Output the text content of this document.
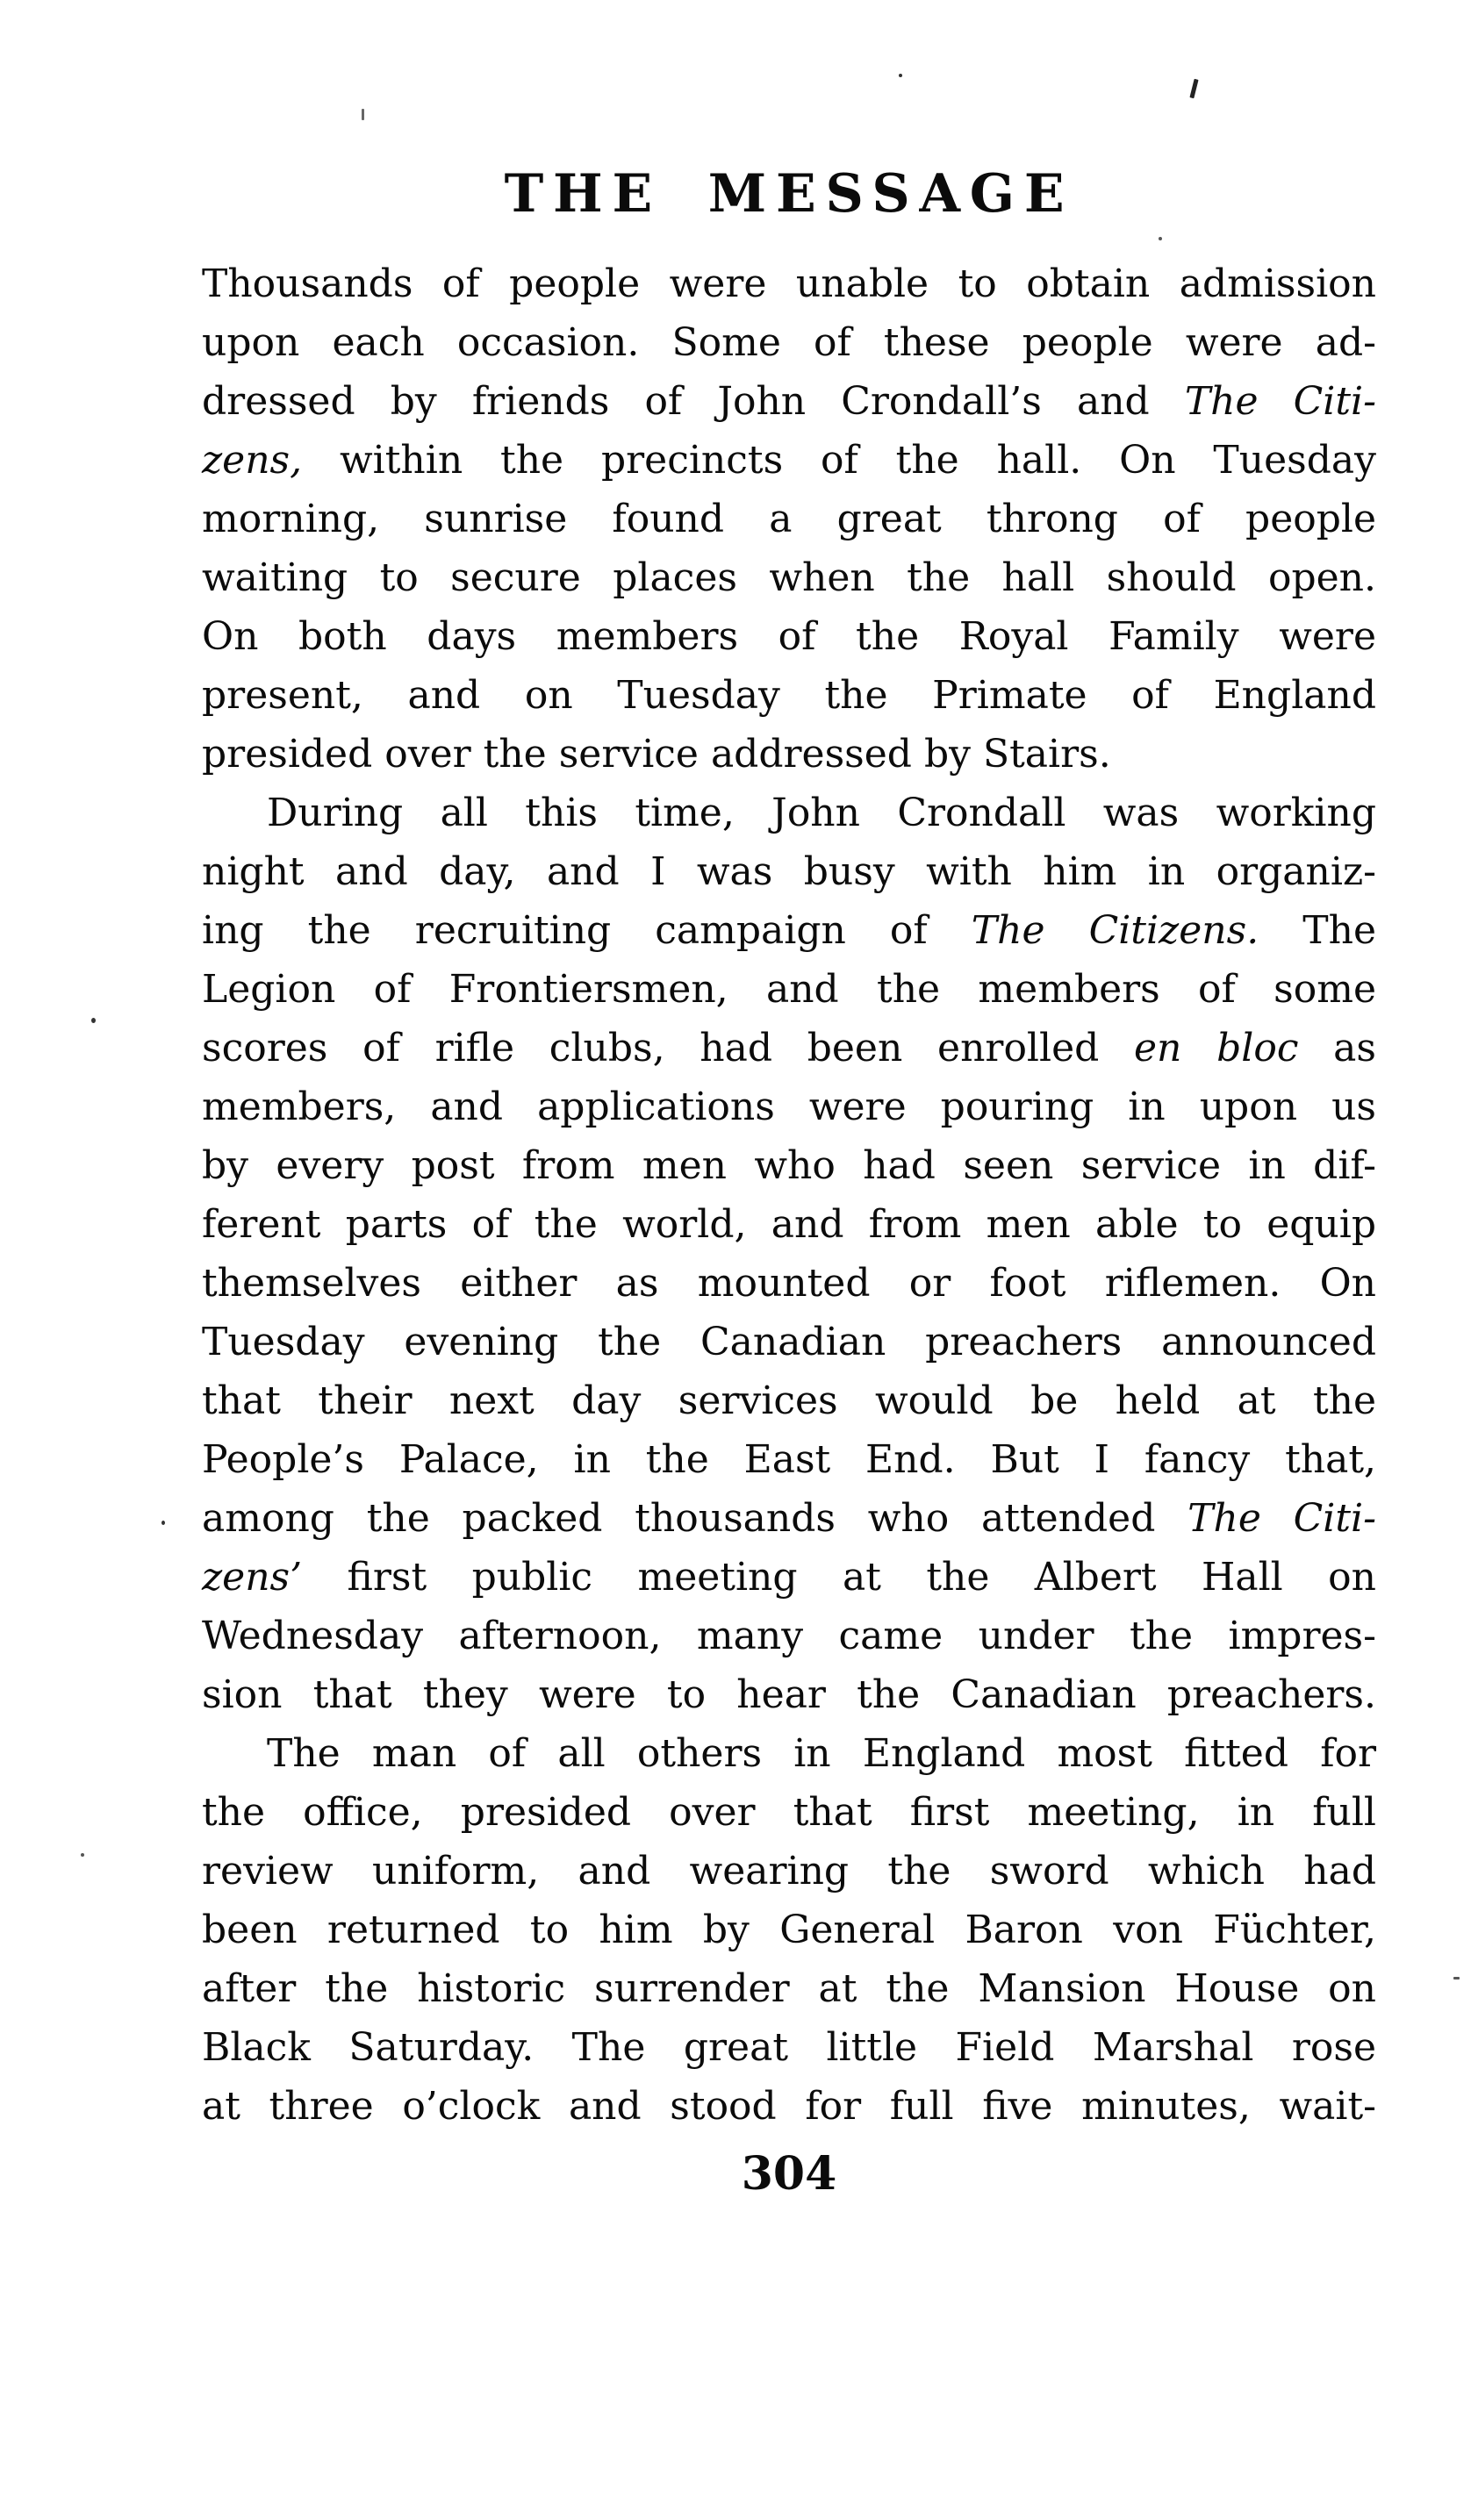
THE MESSAGE
Thousands of people were unable to obtain admission
upon each occasion. Some of these people were ad-
dressed by friends of John Crondall’s and The Citi-
zens, within the precincts of the hall. On Tuesday
morning, sunrise found a great throng of people
waiting to secure places when the hall should open.
On both days members of the Royal Family were
present, and on Tuesday the Primate of England
presided over the service addressed by Stairs.
During all this time, John Crondall was working
night and day, and I was busy with him in organiz-
ing the recruiting campaign of The Citizens. The
Legion of Frontiersmen, and the members of some
scores of rifle clubs, had been enrolled en bloc as
members, and applications were pouring in upon us
by every post from men who had seen service in dif-
ferent parts of the world, and from men able to equip
themselves either as mounted or foot riflemen. On
Tuesday evening the Canadian preachers announced
that their next day services would be held at the
People’s Palace, in the East End. But I fancy that,
among the packed thousands who attended The Citi-
zens’ first public meeting at the Albert Hall on
Wednesday afternoon, many came under the impres-
sion that they were to hear the Canadian preachers.
The man of all others in England most fitted for
the office, presided over that first meeting, in full
review uniform, and wearing the sword which had
been returned to him by General Baron von Füchter,
after the historic surrender at the Mansion House on
Black Saturday. The great little Field Marshal rose
at three o’clock and stood for full five minutes, wait-
304
